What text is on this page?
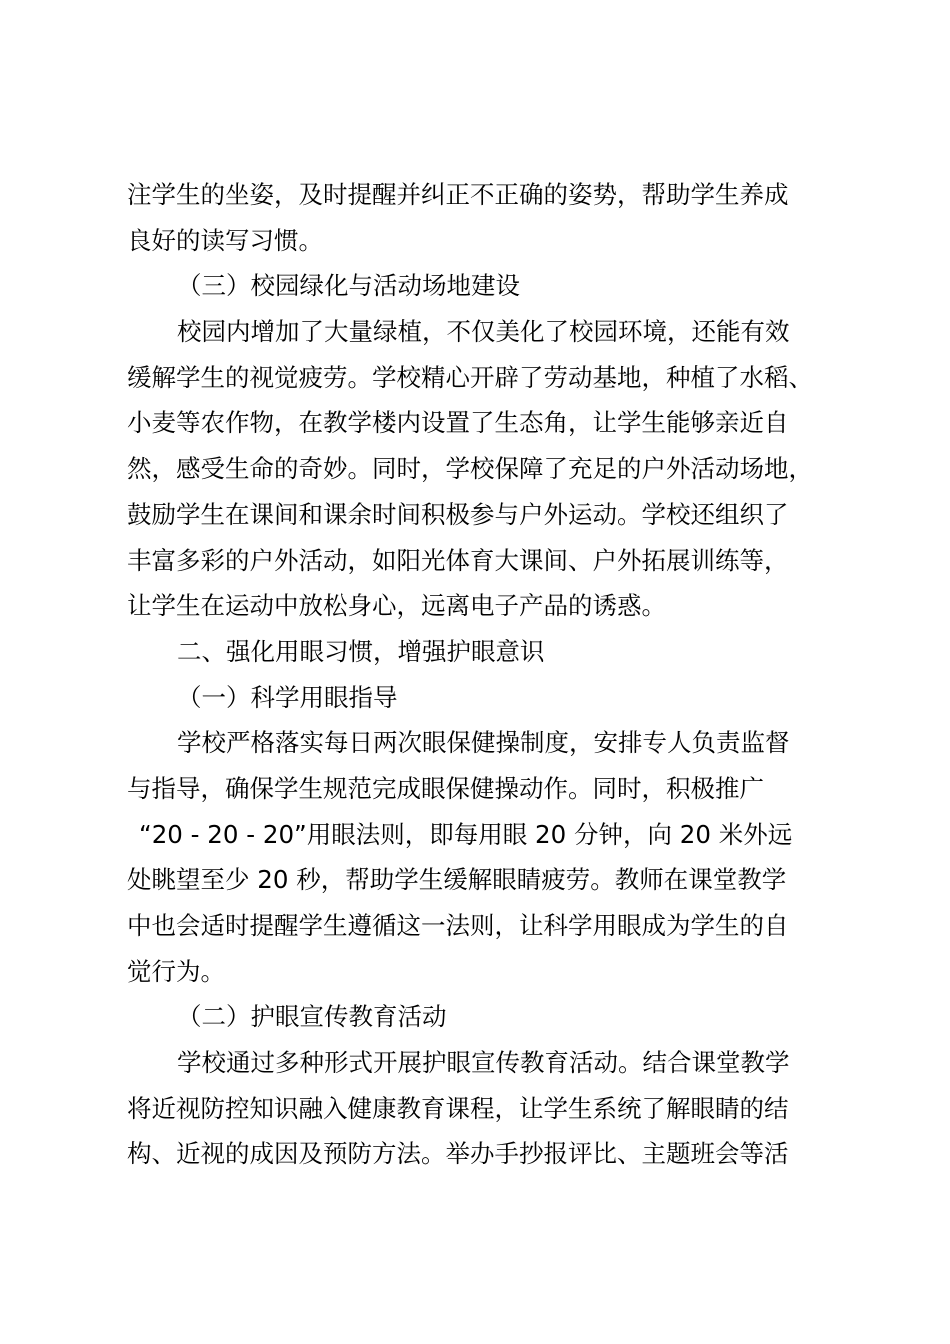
注学生的坐姿，及时提醒并纠正不正确的姿势，帮助学生养成
良好的读写习惯。
（三）校园绿化与活动场地建设
校园内增加了大量绿植，不仅美化了校园环境，还能有效
缓解学生的视觉疲劳。学校精心开辟了劳动基地，种植了水稻、
小麦等农作物，在教学楼内设置了生态角，让学生能够亲近自
然，感受生命的奇妙。同时，学校保障了充足的户外活动场地，
鼓励学生在课间和课余时间积极参与户外运动。学校还组织了
丰富多彩的户外活动，如阳光体育大课间、户外拓展训练等，
让学生在运动中放松身心，远离电子产品的诱惑。
二、强化用眼习惯，增强护眼意识
（一）科学用眼指导
学校严格落实每日两次眼保健操制度，安排专人负责监督
与指导，确保学生规范完成眼保健操动作。同时，积极推广
“20 - 20 - 20”用眼法则，即每用眼 20 分钟，向 20 米外远
处眺望至少 20 秒，帮助学生缓解眼睛疲劳。教师在课堂教学
中也会适时提醒学生遵循这一法则，让科学用眼成为学生的自
觉行为。
（二）护眼宣传教育活动
学校通过多种形式开展护眼宣传教育活动。结合课堂教学
将近视防控知识融入健康教育课程，让学生系统了解眼睛的结
构、近视的成因及预防方法。举办手抄报评比、主题班会等活
